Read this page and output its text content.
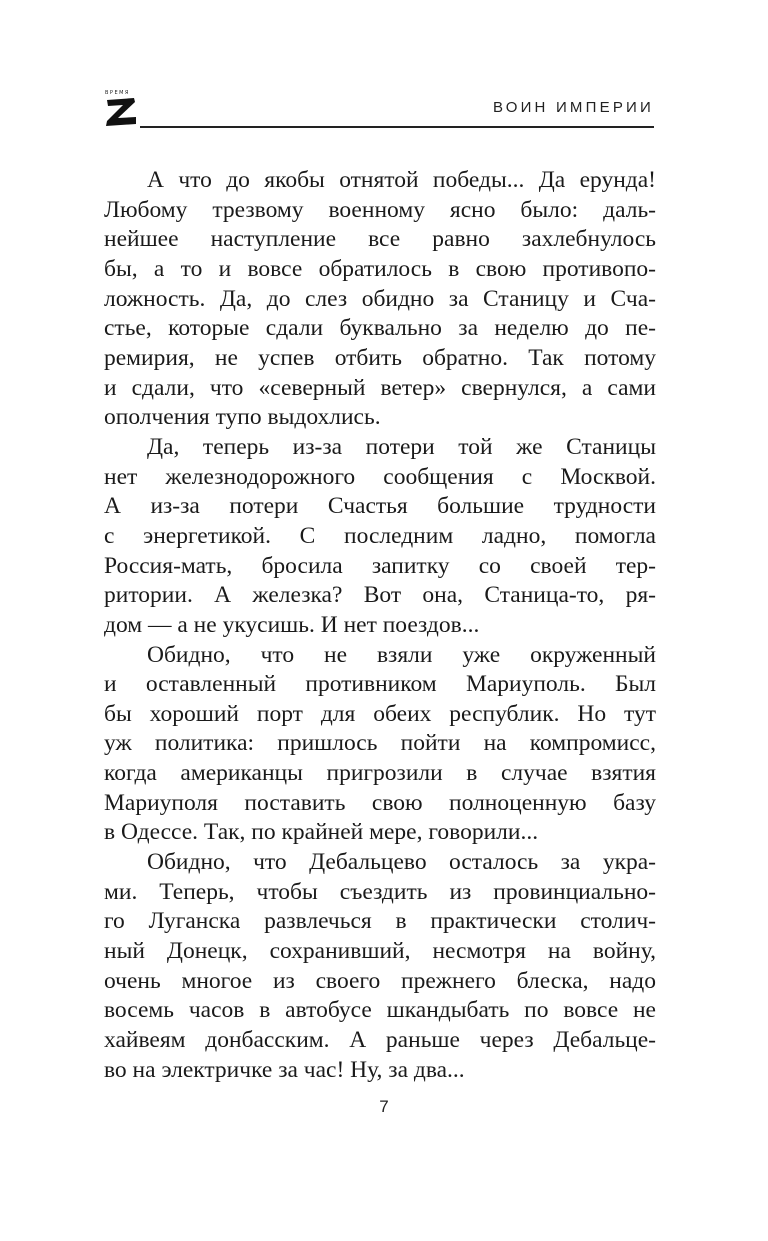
ВРЕМЯ
ВОИН ИМПЕРИИ
А что до якобы отнятой победы... Да ерунда!
Любому трезвому военному ясно было: даль-
нейшее наступление все равно захлебнулось
бы, а то и вовсе обратилось в свою противопо-
ложность. Да, до слез обидно за Станицу и Сча-
стье, которые сдали буквально за неделю до пе-
ремирия, не успев отбить обратно. Так потому
и сдали, что «северный ветер» свернулся, а сами
ополчения тупо выдохлись.
Да, теперь из-за потери той же Станицы
нет железнодорожного сообщения с Москвой.
А из-за потери Счастья большие трудности
с энергетикой. С последним ладно, помогла
Россия-мать, бросила запитку со своей тер-
ритории. А железка? Вот она, Станица-то, ря-
дом — а не укусишь. И нет поездов...
Обидно, что не взяли уже окруженный
и оставленный противником Мариуполь. Был
бы хороший порт для обеих республик. Но тут
уж политика: пришлось пойти на компромисс,
когда американцы пригрозили в случае взятия
Мариуполя поставить свою полноценную базу
в Одессе. Так, по крайней мере, говорили...
Обидно, что Дебальцево осталось за укра-
ми. Теперь, чтобы съездить из провинциально-
го Луганска развлечься в практически столич-
ный Донецк, сохранивший, несмотря на войну,
очень многое из своего прежнего блеска, надо
восемь часов в автобусе шкандыбать по вовсе не
хайвеям донбасским. А раньше через Дебальце-
во на электричке за час! Ну, за два...
7
